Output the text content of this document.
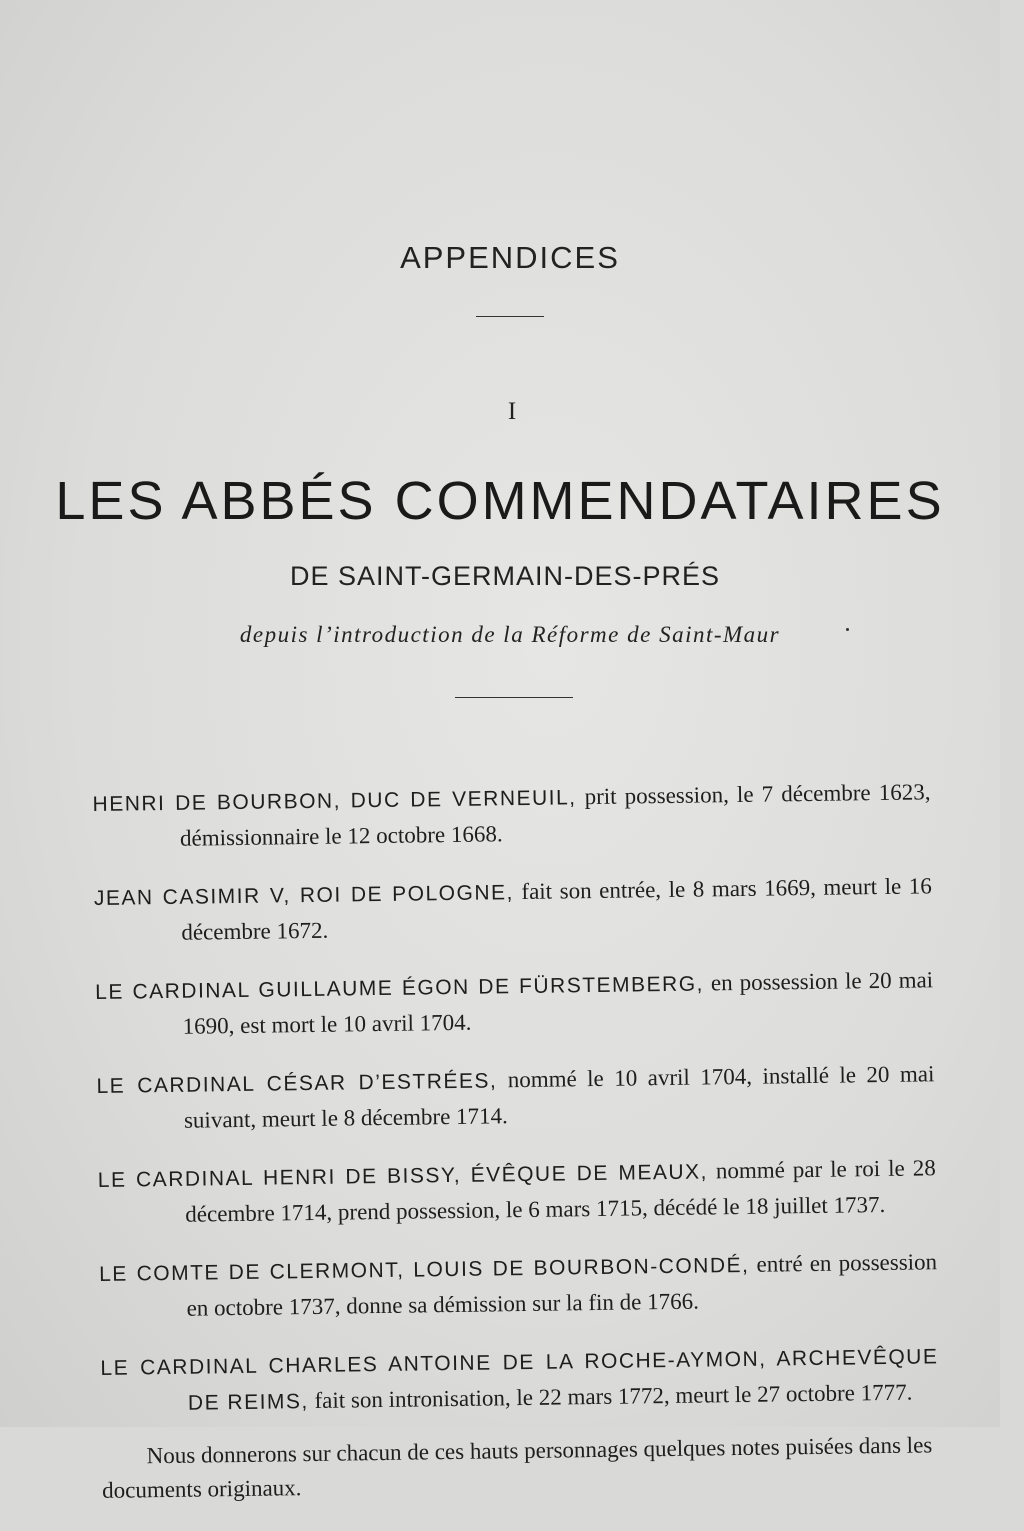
APPENDICES
I
LES ABBÉS COMMENDATAIRES
DE SAINT-GERMAIN-DES-PRÉS
depuis l’introduction de la Réforme de Saint-Maur

HENRI DE BOURBON, DUC DE VERNEUIL, prit possession, le 7 décembre 1623, démissionnaire le 12 octobre 1668.

JEAN CASIMIR V, ROI DE POLOGNE, fait son entrée, le 8 mars 1669, meurt le 16 décembre 1672.

LE CARDINAL GUILLAUME ÉGON DE FÜRSTEMBERG, en possession le 20 mai 1690, est mort le 10 avril 1704.

LE CARDINAL CÉSAR D’ESTRÉES, nommé le 10 avril 1704, installé le 20 mai suivant, meurt le 8 décembre 1714.

LE CARDINAL HENRI DE BISSY, ÉVÊQUE DE MEAUX, nommé par le roi le 28 décembre 1714, prend possession, le 6 mars 1715, décédé le 18 juillet 1737.

LE COMTE DE CLERMONT, LOUIS DE BOURBON-CONDÉ, entré en possession en octobre 1737, donne sa démission sur la fin de 1766.

LE CARDINAL CHARLES ANTOINE DE LA ROCHE-AYMON, ARCHEVÊQUE DE REIMS, fait son intronisation, le 22 mars 1772, meurt le 27 octobre 1777.

Nous donnerons sur chacun de ces hauts personnages quelques notes puisées dans les documents originaux.
